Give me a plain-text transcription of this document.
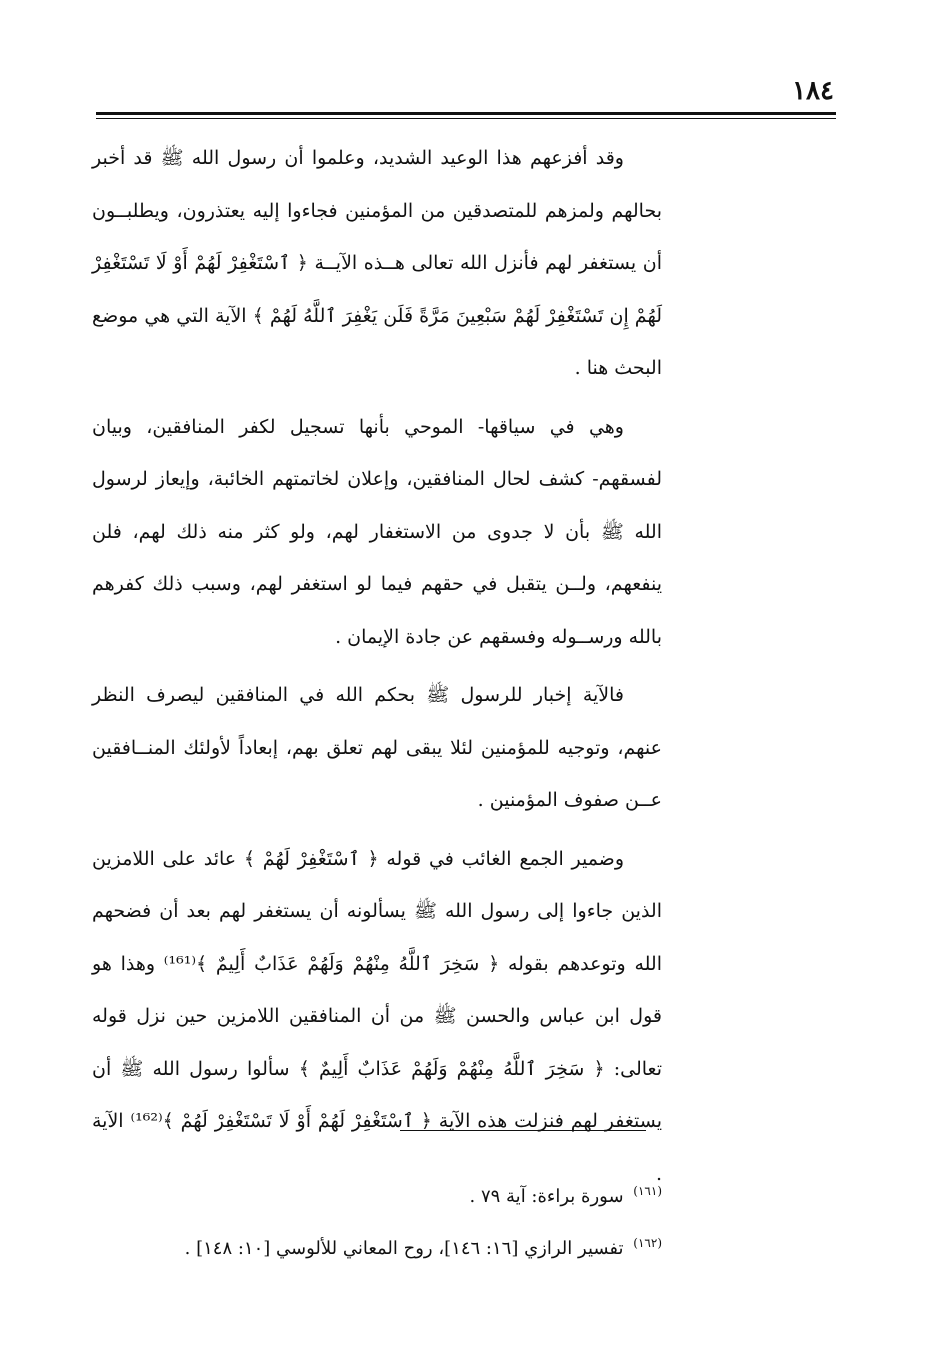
١٨٤

وقد أفزعهم هذا الوعيد الشديد، وعلموا أن رسول الله ﷺ قد أخبر بحالهم ولمزهم للمتصدقين من المؤمنين فجاءوا إليه يعتذرون، ويطلبــون أن يستغفر لهم فأنزل الله تعالى هــذه الآيــة ﴿ ٱسْتَغْفِرْ لَهُمْ أَوْ لَا تَسْتَغْفِرْ لَهُمْ إِن تَسْتَغْفِرْ لَهُمْ سَبْعِينَ مَرَّةً فَلَن يَغْفِرَ ٱللَّهُ لَهُمْ ﴾ الآية التي هي موضع البحث هنا .

وهي في سياقها- الموحي بأنها تسجيل لكفر المنافقين، وبيان لفسقهم- كشف لحال المنافقين، وإعلان لخاتمتهم الخائبة، وإيعاز لرسول الله ﷺ بأن لا جدوى من الاستغفار لهم، ولو كثر منه ذلك لهم، فلن ينفعهم، ولــن يتقبل في حقهم فيما لو استغفر لهم، وسبب ذلك كفرهم بالله ورســوله وفسقهم عن جادة الإيمان .

فالآية إخبار للرسول ﷺ بحكم الله في المنافقين ليصرف النظر عنهم، وتوجيه للمؤمنين لئلا يبقى لهم تعلق بهم، إبعاداً لأولئك المنــافقين عــن صفوف المؤمنين .

وضمير الجمع الغائب في قوله ﴿ ٱسْتَغْفِرْ لَهُمْ ﴾ عائد على اللامزين الذين جاءوا إلى رسول الله ﷺ يسألونه أن يستغفر لهم بعد أن فضحهم الله وتوعدهم بقوله ﴿ سَخِرَ ٱللَّهُ مِنْهُمْ وَلَهُمْ عَذَابٌ أَلِيمٌ ﴾⁽¹⁶¹⁾ وهذا هو قول ابن عباس والحسن ﷺ من أن المنافقين اللامزين حين نزل قوله تعالى: ﴿ سَخِرَ ٱللَّهُ مِنْهُمْ وَلَهُمْ عَذَابٌ أَلِيمٌ ﴾ سألوا رسول الله ﷺ أن يستغفر لهم فنزلت هذه الآية ﴿ ٱسْتَغْفِرْ لَهُمْ أَوْ لَا تَسْتَغْفِرْ لَهُمْ ﴾⁽¹⁶²⁾ الآية .

$^{(١٦١)}$ سورة براءة: آية ٧٩ .

$^{(١٦٢)}$ تفسير الرازي [١٦: ١٤٦]، روح المعاني للألوسي [١٠: ١٤٨] .
